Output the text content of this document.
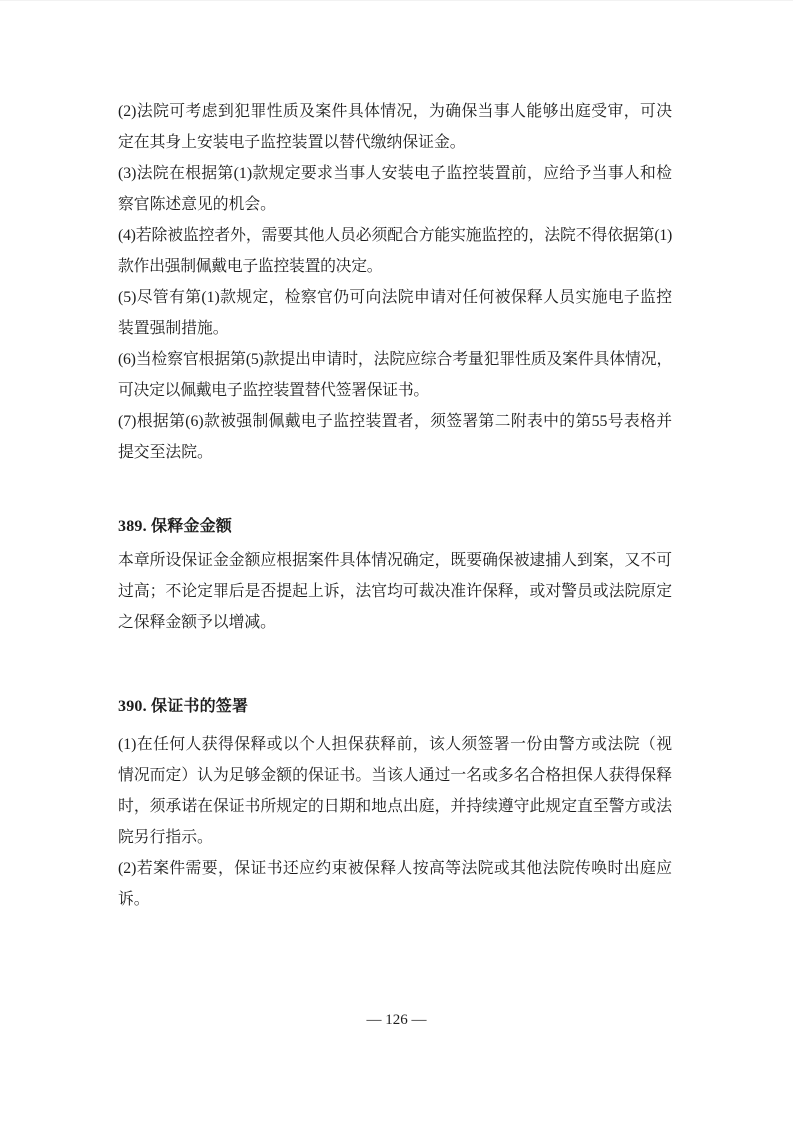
(2)法院可考虑到犯罪性质及案件具体情况，为确保当事人能够出庭受审，可决定在其身上安装电子监控装置以替代缴纳保证金。

(3)法院在根据第(1)款规定要求当事人安装电子监控装置前，应给予当事人和检察官陈述意见的机会。

(4)若除被监控者外，需要其他人员必须配合方能实施监控的，法院不得依据第(1)款作出强制佩戴电子监控装置的决定。

(5)尽管有第(1)款规定，检察官仍可向法院申请对任何被保释人员实施电子监控装置强制措施。

(6)当检察官根据第(5)款提出申请时，法院应综合考量犯罪性质及案件具体情况，可决定以佩戴电子监控装置替代签署保证书。

(7)根据第(6)款被强制佩戴电子监控装置者，须签署第二附表中的第55号表格并提交至法院。

389. 保释金金额

本章所设保证金金额应根据案件具体情况确定，既要确保被逮捕人到案，又不可过高；不论定罪后是否提起上诉，法官均可裁决准许保释，或对警员或法院原定之保释金额予以增减。

390. 保证书的签署

(1)在任何人获得保释或以个人担保获释前，该人须签署一份由警方或法院（视情况而定）认为足够金额的保证书。当该人通过一名或多名合格担保人获得保释时，须承诺在保证书所规定的日期和地点出庭，并持续遵守此规定直至警方或法院另行指示。

(2)若案件需要，保证书还应约束被保释人按高等法院或其他法院传唤时出庭应诉。

— 126 —
